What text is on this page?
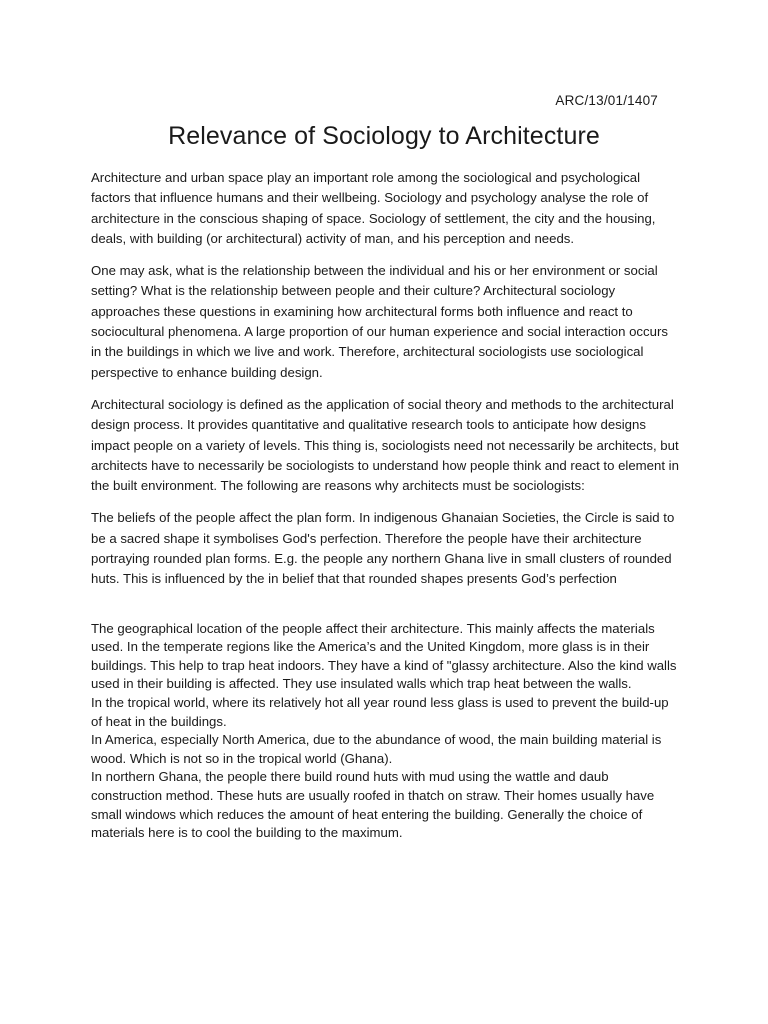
ARC/13/01/1407
Relevance of Sociology to Architecture

Architecture and urban space play an important role among the sociological and psychological factors that influence humans and their wellbeing. Sociology and psychology analyse the role of architecture in the conscious shaping of space. Sociology of settlement, the city and the housing, deals, with building (or architectural) activity of man, and his perception and needs.

One may ask, what is the relationship between the individual and his or her environment or social setting? What is the relationship between people and their culture? Architectural sociology approaches these questions in examining how architectural forms both influence and react to sociocultural phenomena. A large proportion of our human experience and social interaction occurs in the buildings in which we live and work. Therefore, architectural sociologists use sociological perspective to enhance building design.

Architectural sociology is defined as the application of social theory and methods to the architectural design process. It provides quantitative and qualitative research tools to anticipate how designs impact people on a variety of levels. This thing is, sociologists need not necessarily be architects, but architects have to necessarily be sociologists to understand how people think and react to element in the built environment. The following are reasons why architects must be sociologists:

The beliefs of the people affect the plan form. In indigenous Ghanaian Societies, the Circle is said to be a sacred shape it symbolises God's perfection. Therefore the people have their architecture portraying rounded plan forms. E.g. the people any northern Ghana live in small clusters of rounded huts. This is influenced by the in belief that that rounded shapes presents God’s perfection

The geographical location of the people affect their architecture. This mainly affects the materials used. In the temperate regions like the America’s and the United Kingdom, more glass is in their buildings. This help to trap heat indoors. They have a kind of "glassy architecture. Also the kind walls used in their building is affected. They use insulated walls which trap heat between the walls.

In the tropical world, where its relatively hot all year round less glass is used to prevent the build-up of heat in the buildings.

In America, especially North America, due to the abundance of wood, the main building material is wood. Which is not so in the tropical world (Ghana).

In northern Ghana, the people there build round huts with mud using the wattle and daub construction method. These huts are usually roofed in thatch on straw. Their homes usually have small windows which reduces the amount of heat entering the building. Generally the choice of materials here is to cool the building to the maximum.
